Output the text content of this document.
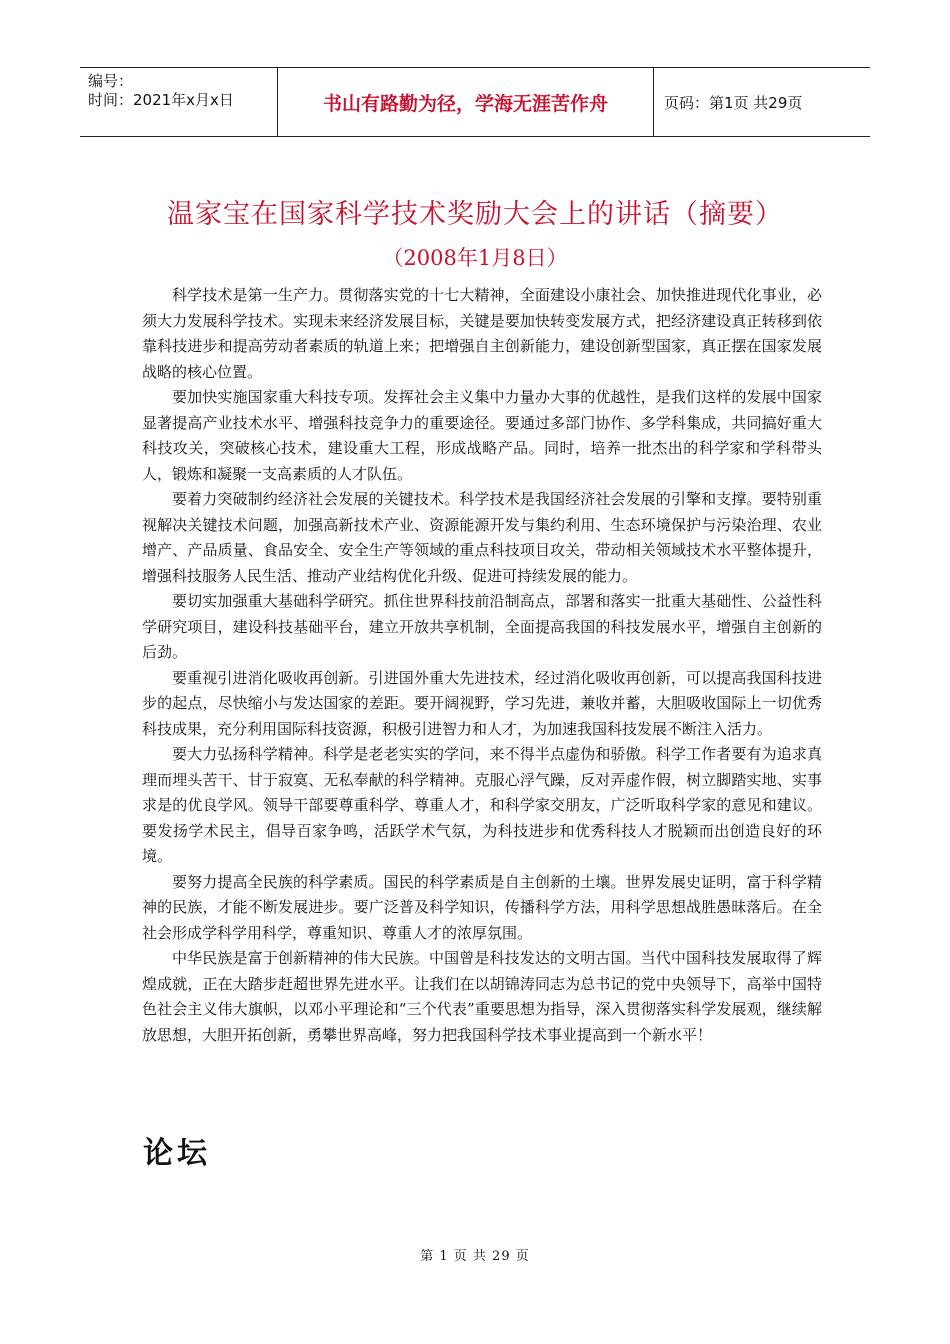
编号：
时间：2021年x月x日	书山有路勤为径，学海无涯苦作舟	页码：第1页 共29页
温家宝在国家科学技术奖励大会上的讲话（摘要）
（2008年1月8日）

科学技术是第一生产力。贯彻落实党的十七大精神，全面建设小康社会、加快推进现代化事业，必须大力发展科学技术。实现未来经济发展目标，关键是要加快转变发展方式，把经济建设真正转移到依靠科技进步和提高劳动者素质的轨道上来；把增强自主创新能力，建设创新型国家，真正摆在国家发展战略的核心位置。

要加快实施国家重大科技专项。发挥社会主义集中力量办大事的优越性，是我们这样的发展中国家显著提高产业技术水平、增强科技竞争力的重要途径。要通过多部门协作、多学科集成，共同搞好重大科技攻关，突破核心技术，建设重大工程，形成战略产品。同时，培养一批杰出的科学家和学科带头人，锻炼和凝聚一支高素质的人才队伍。

要着力突破制约经济社会发展的关键技术。科学技术是我国经济社会发展的引擎和支撑。要特别重视解决关键技术问题，加强高新技术产业、资源能源开发与集约利用、生态环境保护与污染治理、农业增产、产品质量、食品安全、安全生产等领域的重点科技项目攻关，带动相关领域技术水平整体提升，增强科技服务人民生活、推动产业结构优化升级、促进可持续发展的能力。

要切实加强重大基础科学研究。抓住世界科技前沿制高点，部署和落实一批重大基础性、公益性科学研究项目，建设科技基础平台，建立开放共享机制，全面提高我国的科技发展水平，增强自主创新的后劲。

要重视引进消化吸收再创新。引进国外重大先进技术，经过消化吸收再创新，可以提高我国科技进步的起点，尽快缩小与发达国家的差距。要开阔视野，学习先进，兼收并蓄，大胆吸收国际上一切优秀科技成果，充分利用国际科技资源，积极引进智力和人才，为加速我国科技发展不断注入活力。

要大力弘扬科学精神。科学是老老实实的学问，来不得半点虚伪和骄傲。科学工作者要有为追求真理而埋头苦干、甘于寂寞、无私奉献的科学精神。克服心浮气躁，反对弄虚作假，树立脚踏实地、实事求是的优良学风。领导干部要尊重科学、尊重人才，和科学家交朋友，广泛听取科学家的意见和建议。要发扬学术民主，倡导百家争鸣，活跃学术气氛，为科技进步和优秀科技人才脱颖而出创造良好的环境。

要努力提高全民族的科学素质。国民的科学素质是自主创新的土壤。世界发展史证明，富于科学精神的民族，才能不断发展进步。要广泛普及科学知识，传播科学方法，用科学思想战胜愚昧落后。在全社会形成学科学用科学，尊重知识、尊重人才的浓厚氛围。

中华民族是富于创新精神的伟大民族。中国曾是科技发达的文明古国。当代中国科技发展取得了辉煌成就，正在大踏步赶超世界先进水平。让我们在以胡锦涛同志为总书记的党中央领导下，高举中国特色社会主义伟大旗帜，以邓小平理论和“三个代表”重要思想为指导，深入贯彻落实科学发展观，继续解放思想，大胆开拓创新，勇攀世界高峰，努力把我国科学技术事业提高到一个新水平！

论坛
第 1 页 共 29 页
